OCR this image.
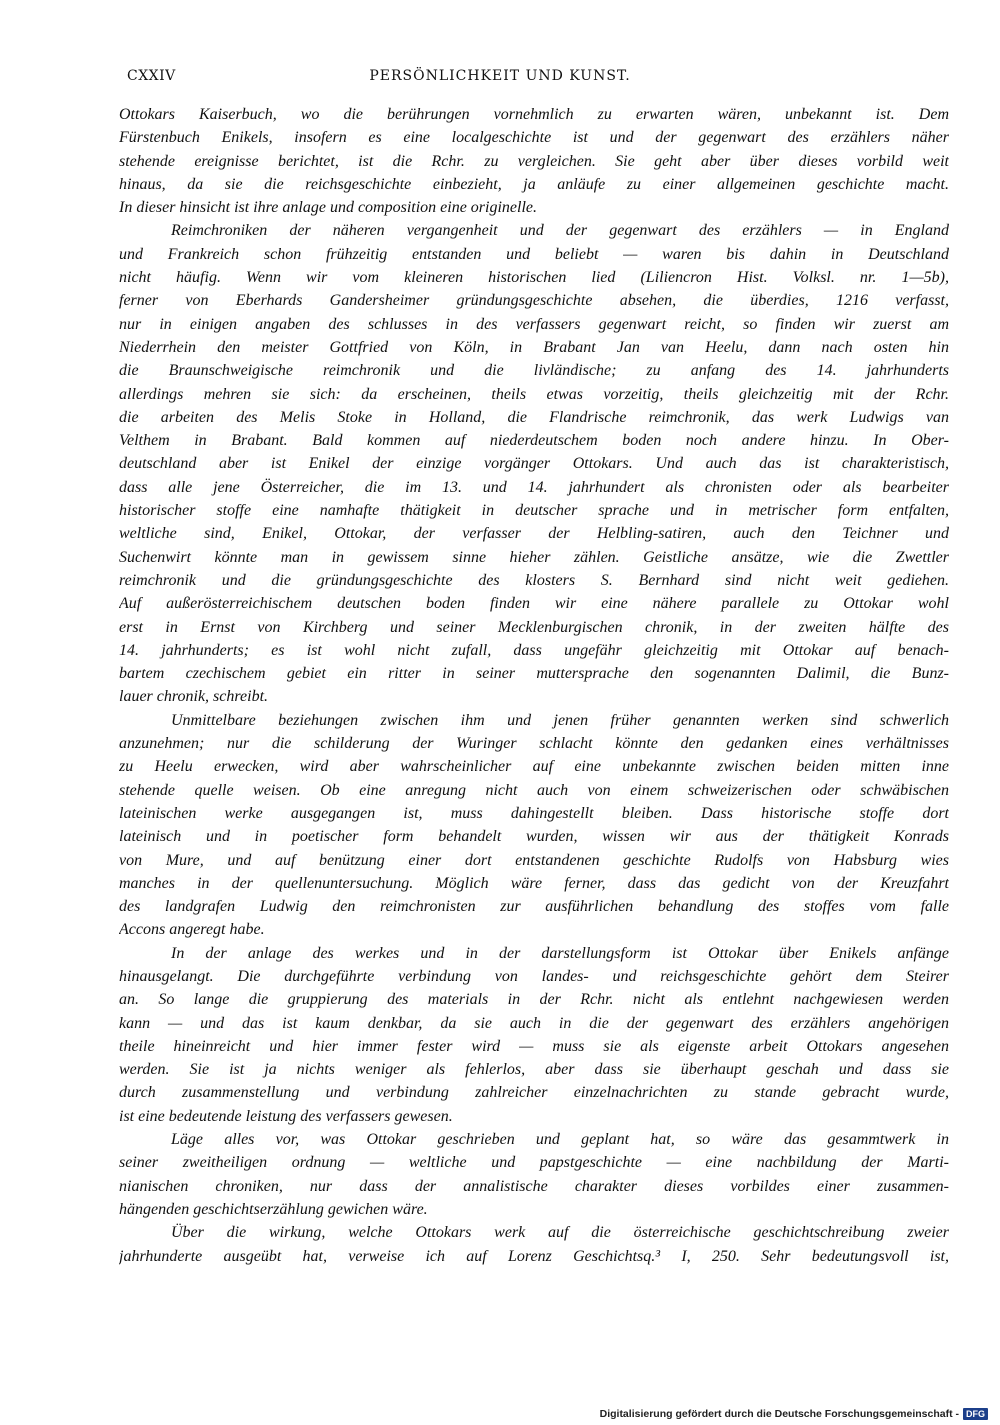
CXXIV	PERSÖNLICHKEIT UND KUNST.
Ottokars Kaiserbuch, wo die berührungen vornehmlich zu erwarten wären, unbekannt ist. Dem
Fürstenbuch Enikels, insofern es eine localgeschichte ist und der gegenwart des erzählers näher
stehende ereignisse berichtet, ist die Rchr. zu vergleichen. Sie geht aber über dieses vorbild weit
hinaus, da sie die reichsgeschichte einbezieht, ja anläufe zu einer allgemeinen geschichte macht.
In dieser hinsicht ist ihre anlage und composition eine originelle.
Reimchroniken der näheren vergangenheit und der gegenwart des erzählers — in England
und Frankreich schon frühzeitig entstanden und beliebt — waren bis dahin in Deutschland
nicht häufig. Wenn wir vom kleineren historischen lied (Liliencron Hist. Volksl. nr. 1—5b),
ferner von Eberhards Gandersheimer gründungsgeschichte absehen, die überdies, 1216 verfasst,
nur in einigen angaben des schlusses in des verfassers gegenwart reicht, so finden wir zuerst am
Niederrhein den meister Gottfried von Köln, in Brabant Jan van Heelu, dann nach osten hin
die Braunschweigische reimchronik und die livländische; zu anfang des 14. jahrhunderts
allerdings mehren sie sich: da erscheinen, theils etwas vorzeitig, theils gleichzeitig mit der Rchr.
die arbeiten des Melis Stoke in Holland, die Flandrische reimchronik, das werk Ludwigs van
Velthem in Brabant. Bald kommen auf niederdeutschem boden noch andere hinzu. In Ober-
deutschland aber ist Enikel der einzige vorgänger Ottokars. Und auch das ist charakteristisch,
dass alle jene Österreicher, die im 13. und 14. jahrhundert als chronisten oder als bearbeiter
historischer stoffe eine namhafte thätigkeit in deutscher sprache und in metrischer form entfalten,
weltliche sind, Enikel, Ottokar, der verfasser der Helbling-satiren, auch den Teichner und
Suchenwirt könnte man in gewissem sinne hieher zählen. Geistliche ansätze, wie die Zwettler
reimchronik und die gründungsgeschichte des klosters S. Bernhard sind nicht weit gediehen.
Auf außerösterreichischem deutschen boden finden wir eine nähere parallele zu Ottokar wohl
erst in Ernst von Kirchberg und seiner Mecklenburgischen chronik, in der zweiten hälfte des
14. jahrhunderts; es ist wohl nicht zufall, dass ungefähr gleichzeitig mit Ottokar auf benach-
bartem czechischem gebiet ein ritter in seiner muttersprache den sogenannten Dalimil, die Bunz-
lauer chronik, schreibt.
Unmittelbare beziehungen zwischen ihm und jenen früher genannten werken sind schwerlich
anzunehmen; nur die schilderung der Wuringer schlacht könnte den gedanken eines verhältnisses
zu Heelu erwecken, wird aber wahrscheinlicher auf eine unbekannte zwischen beiden mitten inne
stehende quelle weisen. Ob eine anregung nicht auch von einem schweizerischen oder schwäbischen
lateinischen werke ausgegangen ist, muss dahingestellt bleiben. Dass historische stoffe dort
lateinisch und in poetischer form behandelt wurden, wissen wir aus der thätigkeit Konrads
von Mure, und auf benützung einer dort entstandenen geschichte Rudolfs von Habsburg wies
manches in der quellenuntersuchung. Möglich wäre ferner, dass das gedicht von der Kreuzfahrt
des landgrafen Ludwig den reimchronisten zur ausführlichen behandlung des stoffes vom falle
Accons angeregt habe.
In der anlage des werkes und in der darstellungsform ist Ottokar über Enikels anfänge
hinausgelangt. Die durchgeführte verbindung von landes- und reichsgeschichte gehört dem Steirer
an. So lange die gruppierung des materials in der Rchr. nicht als entlehnt nachgewiesen werden
kann — und das ist kaum denkbar, da sie auch in die der gegenwart des erzählers angehörigen
theile hineinreicht und hier immer fester wird — muss sie als eigenste arbeit Ottokars angesehen
werden. Sie ist ja nichts weniger als fehlerlos, aber dass sie überhaupt geschah und dass sie
durch zusammenstellung und verbindung zahlreicher einzelnachrichten zu stande gebracht wurde,
ist eine bedeutende leistung des verfassers gewesen.
Läge alles vor, was Ottokar geschrieben und geplant hat, so wäre das gesammtwerk in
seiner zweitheiligen ordnung — weltliche und papstgeschichte — eine nachbildung der Marti-
nianischen chroniken, nur dass der annalistische charakter dieses vorbildes einer zusammen-
hängenden geschichtserzählung gewichen wäre.
Über die wirkung, welche Ottokars werk auf die österreichische geschichtschreibung zweier
jahrhunderte ausgeübt hat, verweise ich auf Lorenz Geschichtsq.³ I, 250. Sehr bedeutungsvoll ist,
Digitalisierung gefördert durch die Deutsche Forschungsgemeinschaft - DFG
